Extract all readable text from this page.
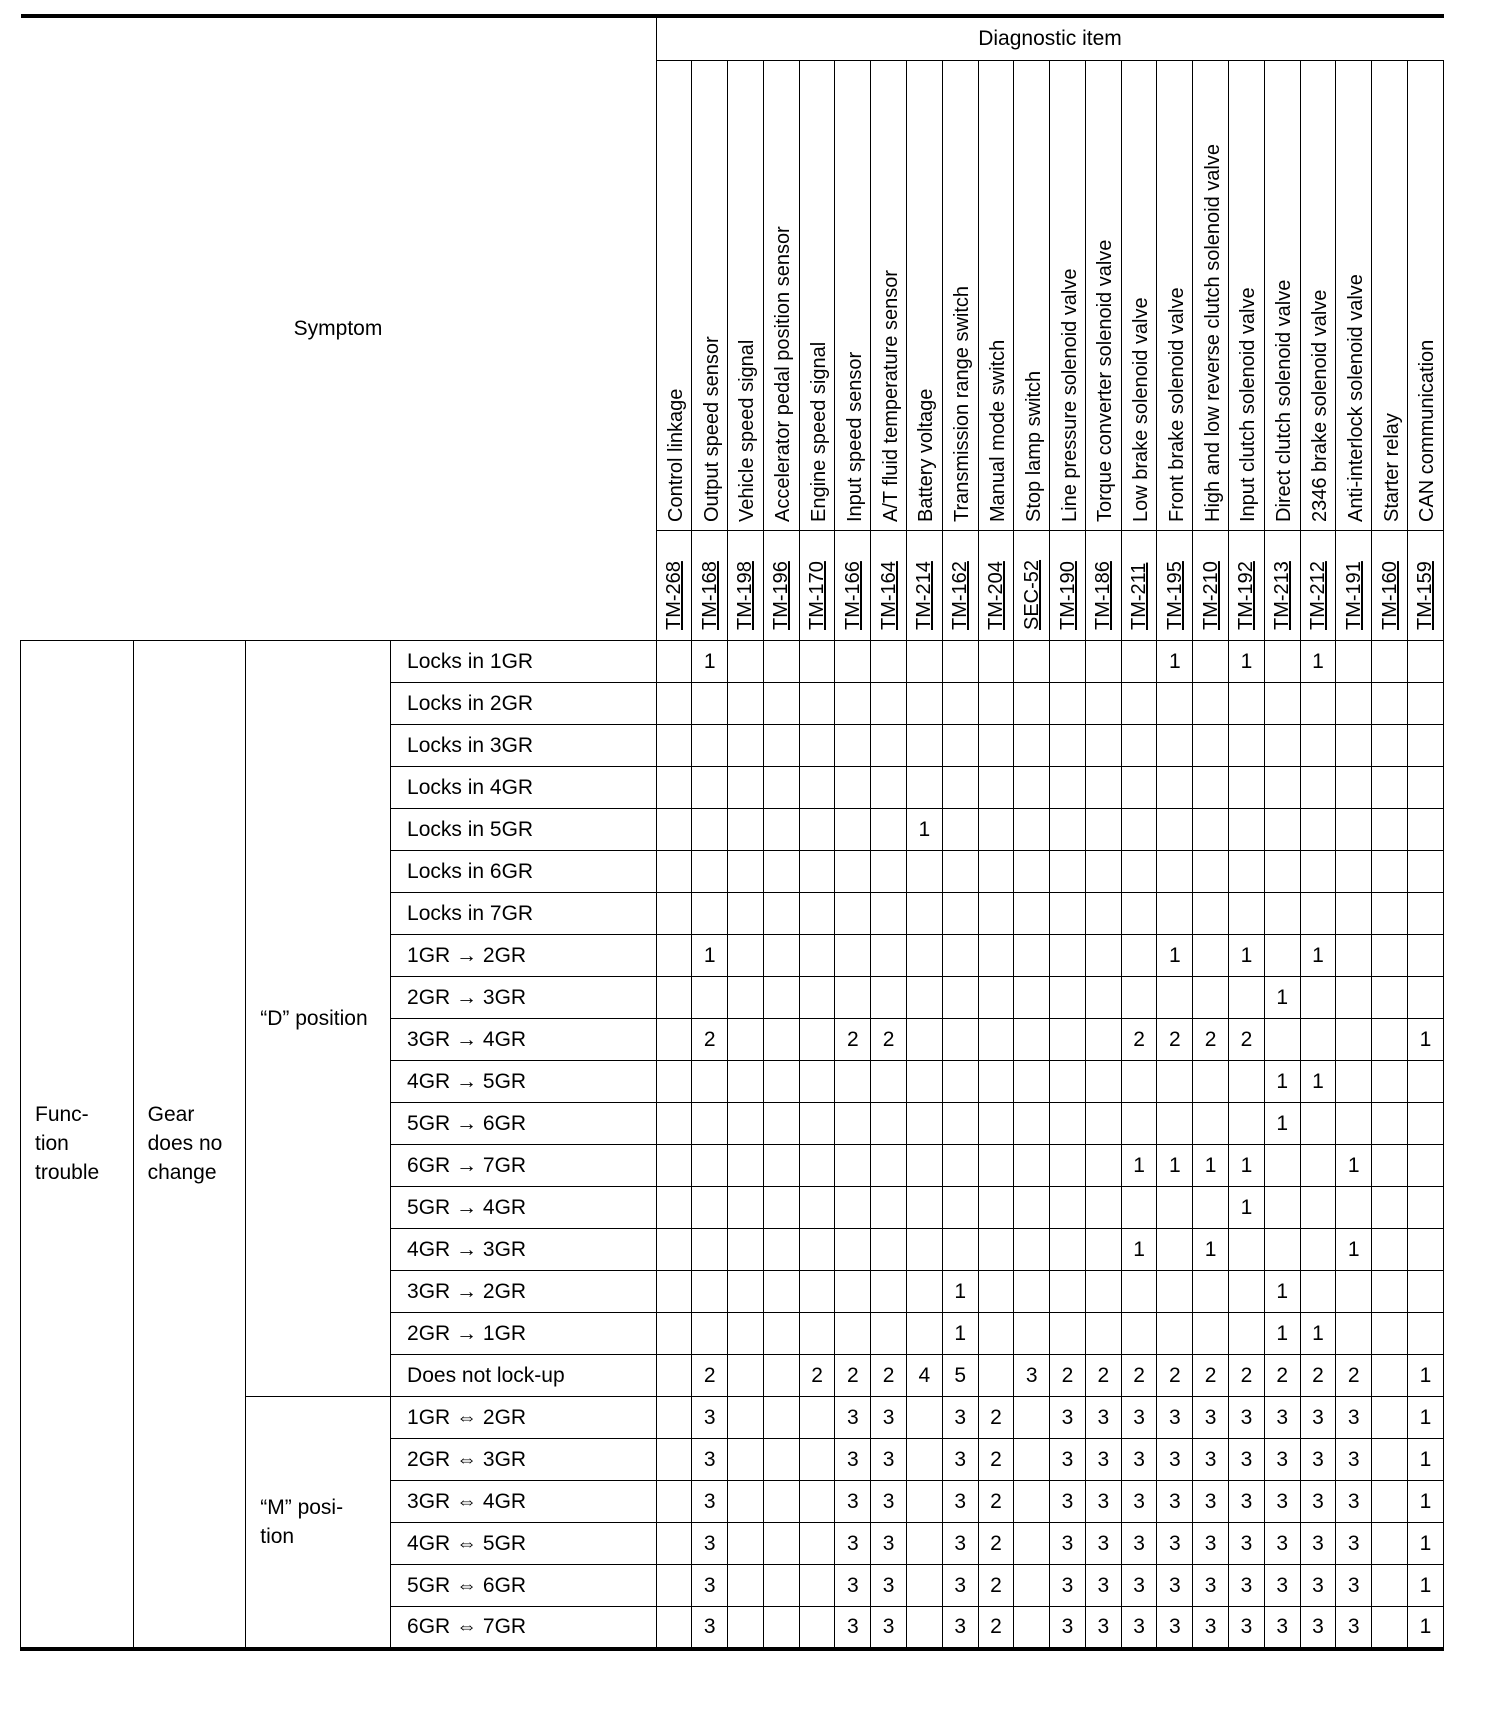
Symptom				Diagnostic item																					

				Control linkage	Output speed sensor	Vehicle speed signal	Accelerator pedal position sensor	Engine speed signal	Input speed sensor	A/T fluid temperature sensor	Battery voltage	Transmission range switch	Manual mode switch	Stop lamp switch	Line pressure solenoid valve	Torque converter solenoid valve	Low brake solenoid valve	Front brake solenoid valve	High and low reverse clutch solenoid valve	Input clutch solenoid valve	Direct clutch solenoid valve	2346 brake solenoid valve	Anti-interlock solenoid valve	Starter relay	CAN communication

				TM-268	TM-168	TM-198	TM-196	TM-170	TM-166	TM-164	TM-214	TM-162	TM-204	SEC-52	TM-190	TM-186	TM-211	TM-195	TM-210	TM-192	TM-213	TM-212	TM-191	TM-160	TM-159

Func-
tion
trouble	Gear
does no
change	“D” position	Locks in 1GR		1													1		1		1			
			Locks in 2GR																						
			Locks in 3GR																						
			Locks in 4GR																						
			Locks in 5GR								1														
			Locks in 6GR																						
			Locks in 7GR																						
			1GR → 2GR		1													1		1		1			
			2GR → 3GR																		1				
			3GR → 4GR		2				2	2							2	2	2	2					1
			4GR → 5GR																		1	1			
			5GR → 6GR																		1				
			6GR → 7GR														1	1	1	1			1		
			5GR → 4GR																	1					
			4GR → 3GR														1		1				1		
			3GR → 2GR									1									1				
			2GR → 1GR									1									1	1			
			Does not lock-up		2			2	2	2	4	5		3	2	2	2	2	2	2	2	2	2		1
		“M” posi-
tion	1GR ⇔ 2GR		3				3	3		3	2		3	3	3	3	3	3	3	3	3		1
			2GR ⇔ 3GR		3				3	3		3	2		3	3	3	3	3	3	3	3	3		1
			3GR ⇔ 4GR		3				3	3		3	2		3	3	3	3	3	3	3	3	3		1
			4GR ⇔ 5GR		3				3	3		3	2		3	3	3	3	3	3	3	3	3		1
			5GR ⇔ 6GR		3				3	3		3	2		3	3	3	3	3	3	3	3	3		1
			6GR ⇔ 7GR		3				3	3		3	2		3	3	3	3	3	3	3	3	3		1
